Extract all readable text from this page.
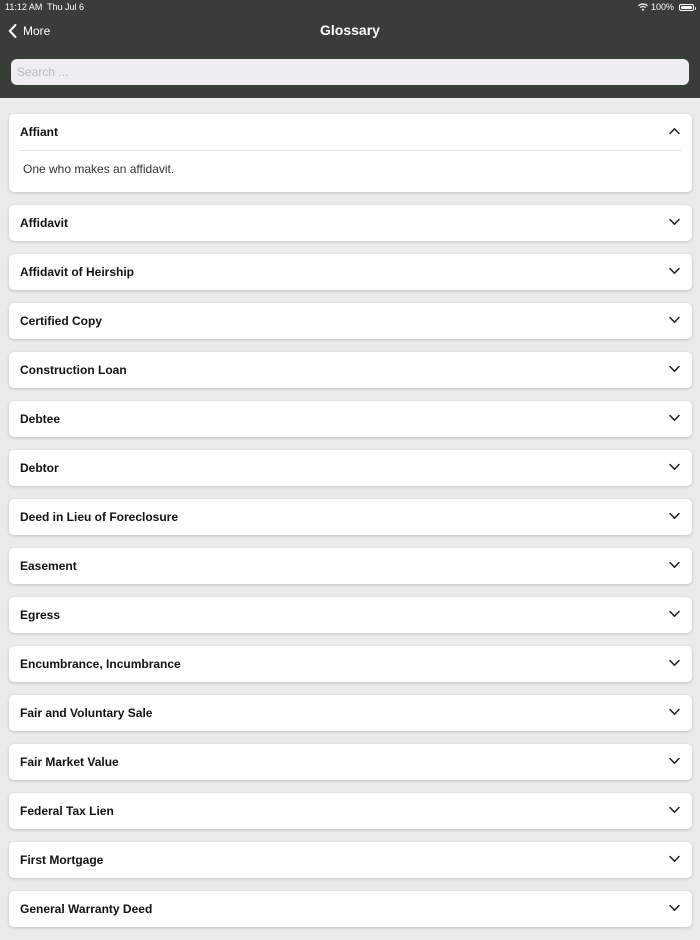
11:12 AM Thu Jul 6	100%
More	Glossary
Search ...
Affiant
One who makes an affidavit.
Affidavit
Affidavit of Heirship
Certified Copy
Construction Loan
Debtee
Debtor
Deed in Lieu of Foreclosure
Easement
Egress
Encumbrance, Incumbrance
Fair and Voluntary Sale
Fair Market Value
Federal Tax Lien
First Mortgage
General Warranty Deed
